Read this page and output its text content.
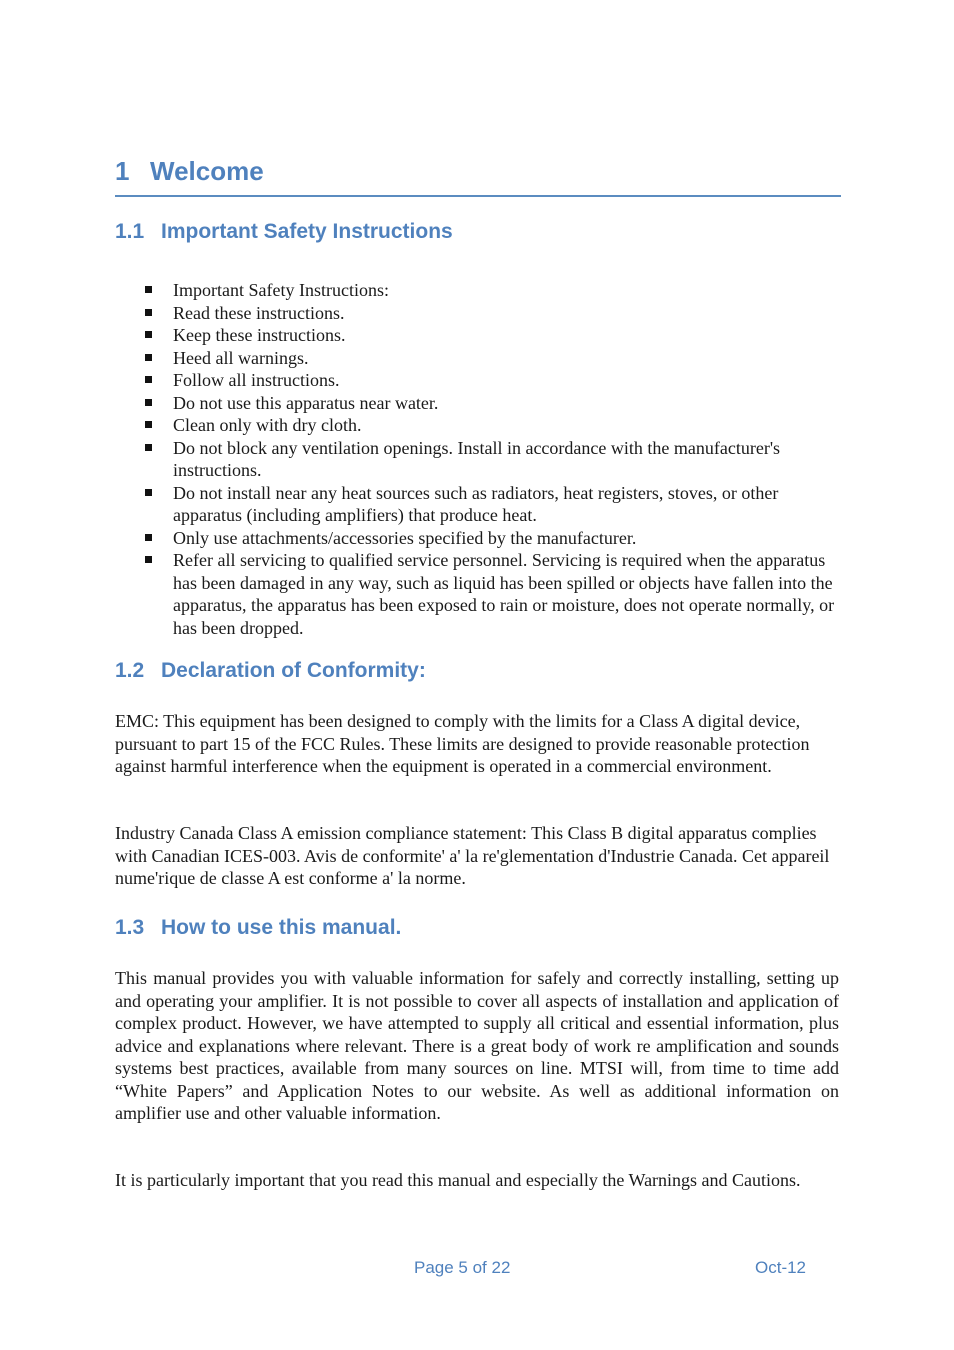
1 Welcome
1.1 Important Safety Instructions
Important Safety Instructions:
Read these instructions.
Keep these instructions.
Heed all warnings.
Follow all instructions.
Do not use this apparatus near water.
Clean only with dry cloth.
Do not block any ventilation openings. Install in accordance with the manufacturer's instructions.
Do not install near any heat sources such as radiators, heat registers, stoves, or other apparatus (including amplifiers) that produce heat.
Only use attachments/accessories specified by the manufacturer.
Refer all servicing to qualified service personnel. Servicing is required when the apparatus has been damaged in any way, such as liquid has been spilled or objects have fallen into the apparatus, the apparatus has been exposed to rain or moisture, does not operate normally, or has been dropped.
1.2 Declaration of Conformity:

EMC: This equipment has been designed to comply with the limits for a Class A digital device, pursuant to part 15 of the FCC Rules. These limits are designed to provide reasonable protection against harmful interference when the equipment is operated in a commercial environment.

Industry Canada Class A emission compliance statement: This Class B digital apparatus complies with Canadian ICES-003. Avis de conformite' a' la re'glementation d'Industrie Canada. Cet appareil nume'rique de classe A est conforme a' la norme.

1.3 How to use this manual.

This manual provides you with valuable information for safely and correctly installing, setting up and operating your amplifier. It is not possible to cover all aspects of installation and application of complex product. However, we have attempted to supply all critical and essential information, plus advice and explanations where relevant. There is a great body of work re amplification and sounds systems best practices, available from many sources on line. MTSI will, from time to time add “White Papers” and Application Notes to our website. As well as additional information on amplifier use and other valuable information.

It is particularly important that you read this manual and especially the Warnings and Cautions.

Page 5 of 22	Oct-12
